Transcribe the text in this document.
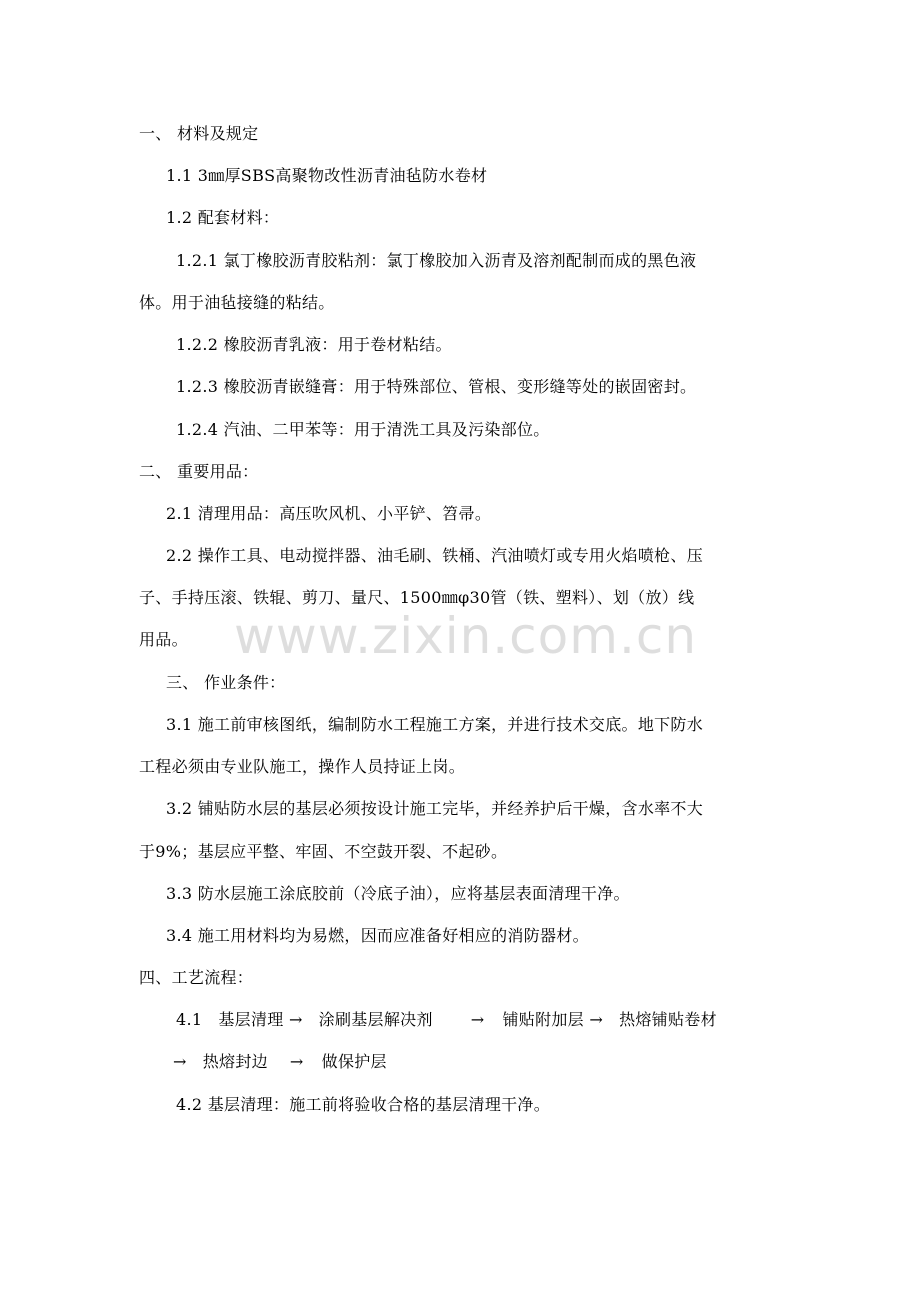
www.zixin.com.cn
一、 材料及规定
1.1 3㎜厚SBS高聚物改性沥青油毡防水卷材
1.2 配套材料：
1.2.1 氯丁橡胶沥青胶粘剂：氯丁橡胶加入沥青及溶剂配制而成的黑色液
体。用于油毡接缝的粘结。
1.2.2 橡胶沥青乳液：用于卷材粘结。
1.2.3 橡胶沥青嵌缝膏：用于特殊部位、管根、变形缝等处的嵌固密封。
1.2.4 汽油、二甲苯等：用于清洗工具及污染部位。
二、 重要用品：
2.1 清理用品：高压吹风机、小平铲、笤帚。
2.2 操作工具、电动搅拌器、油毛刷、铁桶、汽油喷灯或专用火焰喷枪、压
子、手持压滚、铁辊、剪刀、量尺、1500㎜φ30管（铁、塑料）、划（放）线
用品。
三、 作业条件：
3.1 施工前审核图纸，编制防水工程施工方案，并进行技术交底。地下防水
工程必须由专业队施工，操作人员持证上岗。
3.2 铺贴防水层的基层必须按设计施工完毕，并经养护后干燥，含水率不大
于9%；基层应平整、牢固、不空鼓开裂、不起砂。
3.3 防水层施工涂底胶前（冷底子油），应将基层表面清理干净。
3.4 施工用材料均为易燃，因而应准备好相应的消防器材。
四、工艺流程：
4.1 基层清理 → 涂刷基层解决剂 → 铺贴附加层 → 热熔铺贴卷材
→ 热熔封边 → 做保护层
4.2 基层清理：施工前将验收合格的基层清理干净。
